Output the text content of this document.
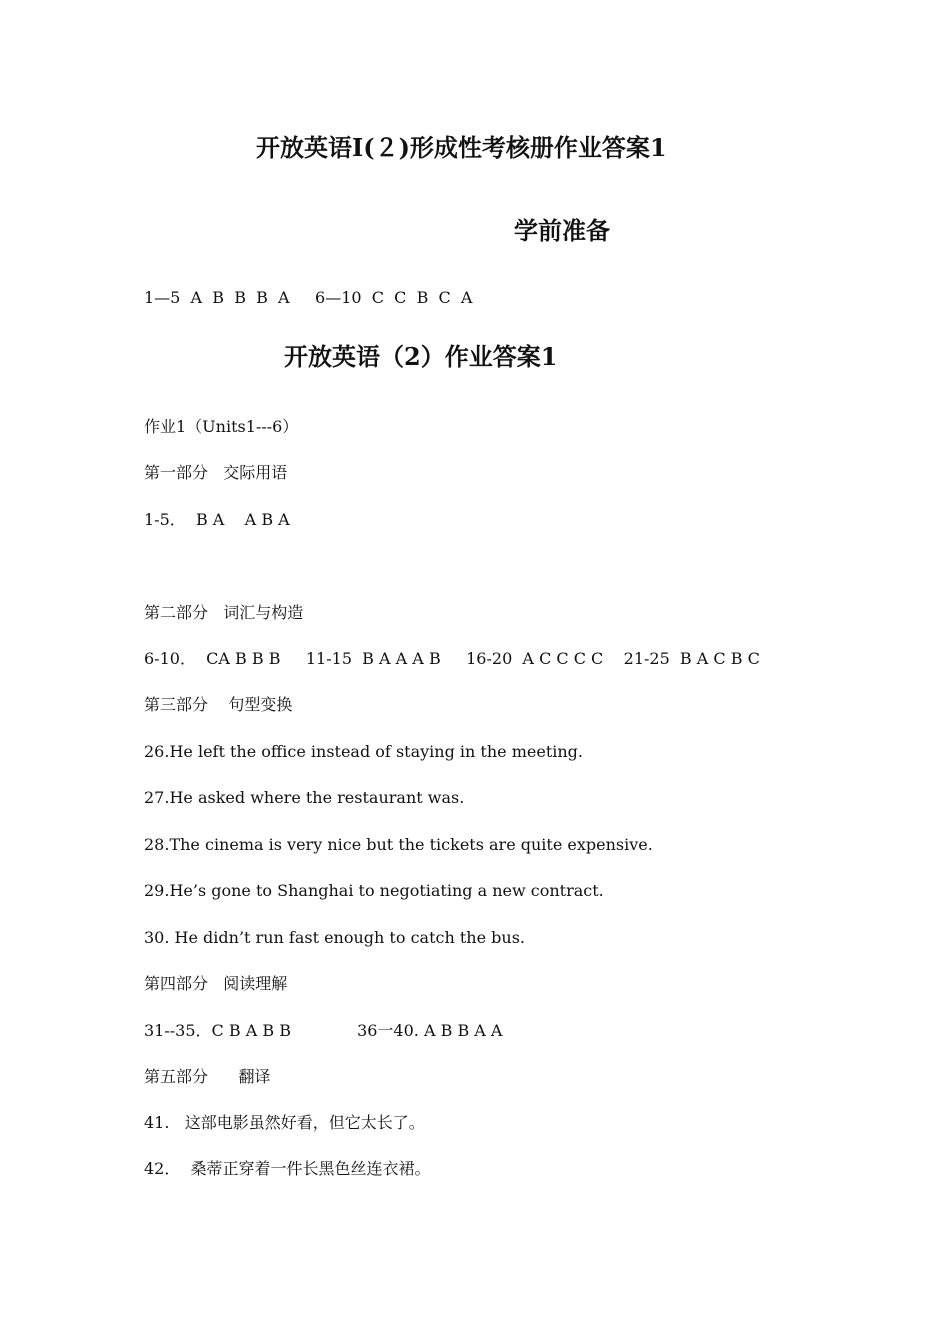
开放英语I(２)形成性考核册作业答案1
学前准备
1—5  A  B  B  B  A     6—10  C  C  B  C  A
开放英语（2）作业答案1
作业1（Units1---6）
第一部分   交际用语
1-5．  B A    A B A
第二部分   词汇与构造
6-10．  CA B B B     11-15  B A A A B     16-20  A C C C C    21-25  B A C B C
第三部分    句型变换
26.He left the office instead of staying in the meeting.
27.He asked where the restaurant was.
28.The cinema is very nice but the tickets are quite expensive.
29.He’s gone to Shanghai to negotiating a new contract.
30. He didn’t run fast enough to catch the bus.
第四部分   阅读理解
31--35．C B A B B             36一40. A B B A A
第五部分      翻译
41.   这部电影虽然好看，但它太长了。
42．  桑蒂正穿着一件长黑色丝连衣裙。
